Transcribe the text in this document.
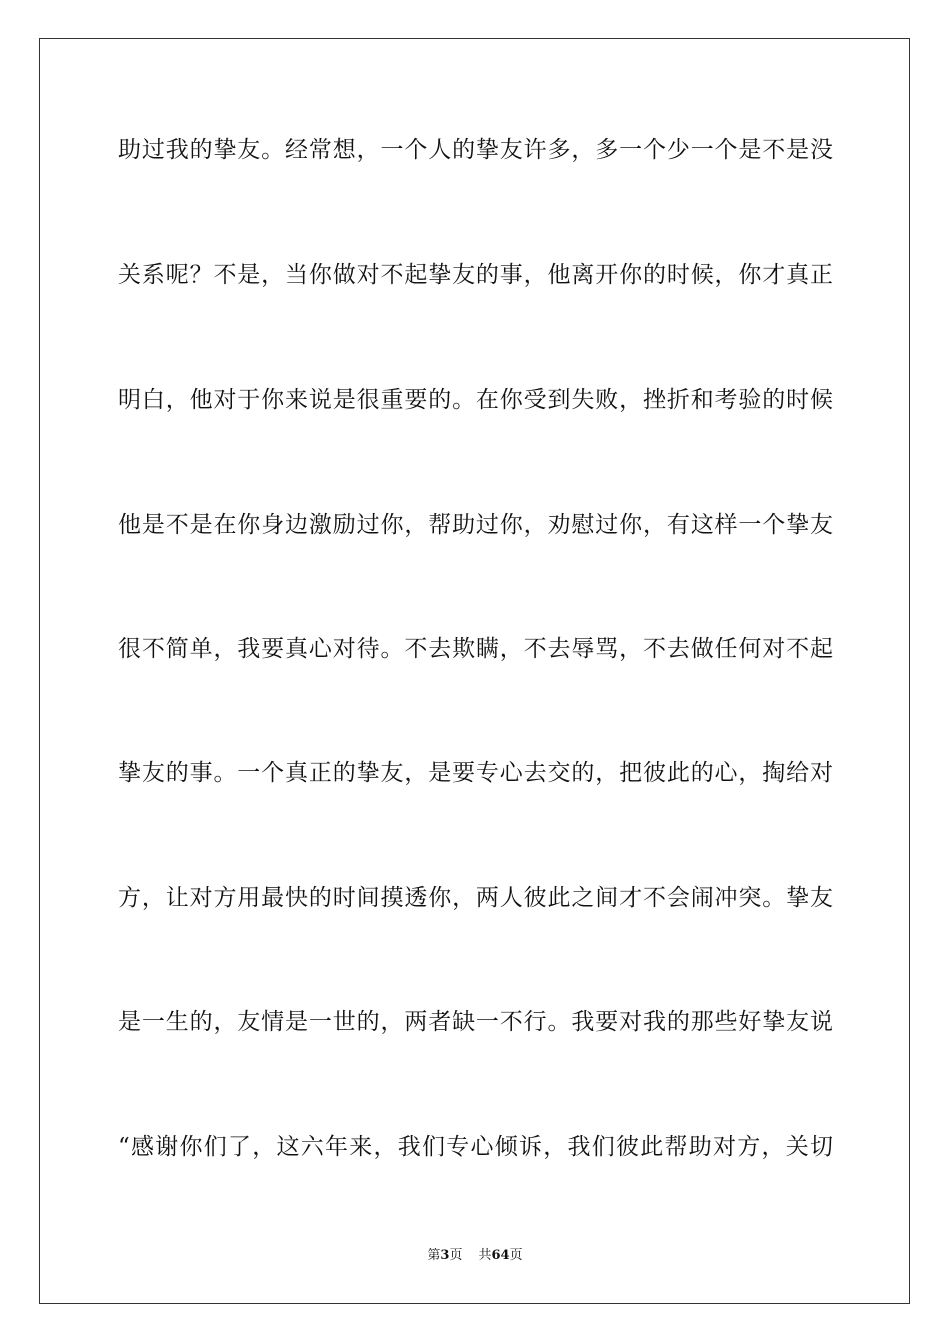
助过我的挚友。经常想，一个人的挚友许多，多一个少一个是不是没
关系呢？不是，当你做对不起挚友的事，他离开你的时候，你才真正
明白，他对于你来说是很重要的。在你受到失败，挫折和考验的时候
他是不是在你身边激励过你，帮助过你，劝慰过你，有这样一个挚友
很不简单，我要真心对待。不去欺瞒，不去辱骂，不去做任何对不起
挚友的事。一个真正的挚友，是要专心去交的，把彼此的心，掏给对
方，让对方用最快的时间摸透你，两人彼此之间才不会闹冲突。挚友
是一生的，友情是一世的，两者缺一不行。我要对我的那些好挚友说
“感谢你们了，这六年来，我们专心倾诉，我们彼此帮助对方，关切
第3页 共64页
